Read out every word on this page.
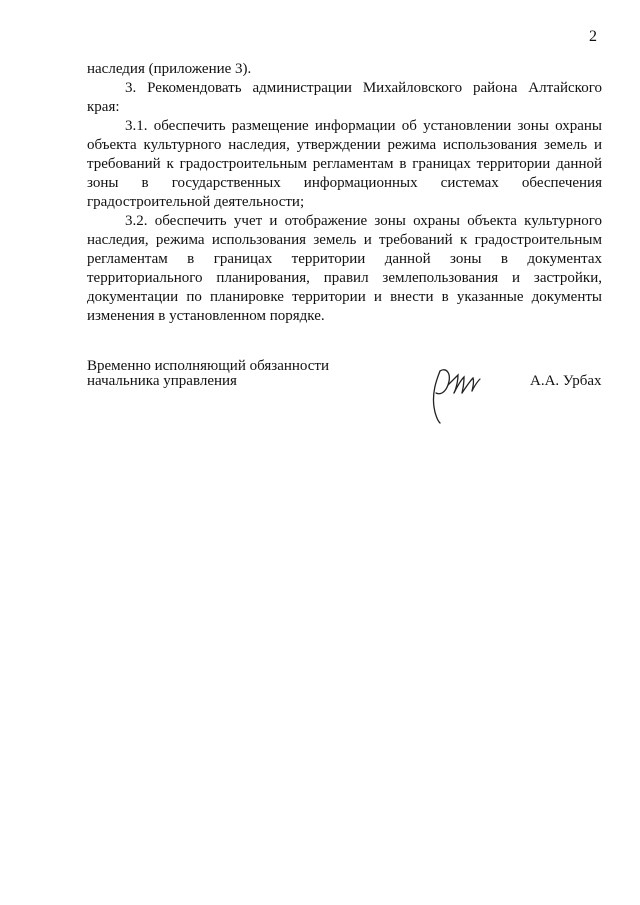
2

наследия (приложение 3).

3. Рекомендовать администрации Михайловского района Алтайского края:

3.1. обеспечить размещение информации об установлении зоны охраны объекта культурного наследия, утверждении режима использования земель и требований к градостроительным регламентам в границах территории данной зоны в государственных информационных системах обеспечения градостроительной деятельности;

3.2. обеспечить учет и отображение зоны охраны объекта культурного наследия, режима использования земель и требований к градостроительным регламентам в границах территории данной зоны в документах территориального планирования, правил землепользования и застройки, документации по планировке территории и внести в указанные документы изменения в установленном порядке.

Временно исполняющий обязанности
начальника управления	А.А. Урбах
